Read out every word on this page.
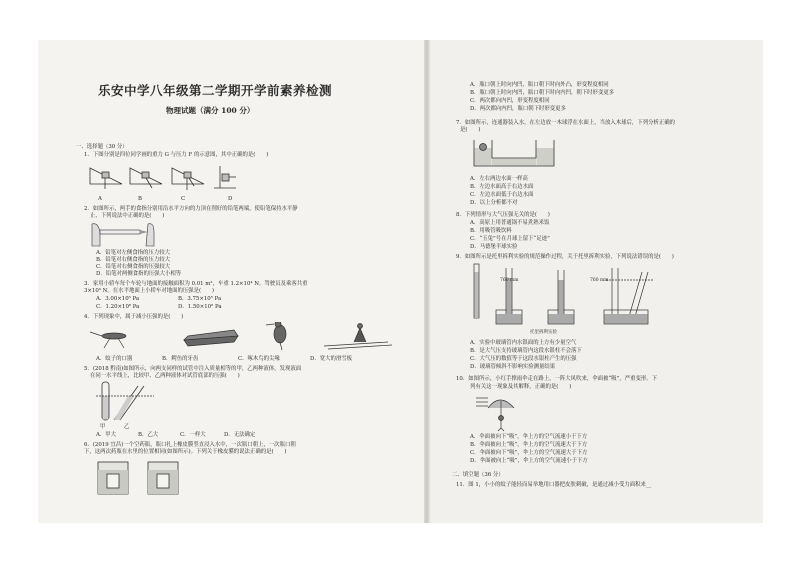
乐安中学八年级第二学期开学前素养检测
物理试题（满分 100 分）
一、选择题（30 分）
1．下图分别是四位同学画的重力 G 与压力 F 的示意图，其中正确的是(　　)
A	B	C	D
2．如图所示，两手的食指分别用沿水平方向的力顶在削好的铅笔两端，使铅笔保持水平静
止，下列说法中正确的是(　　)
A．铅笔对左侧食指的压力较大
B．铅笔对右侧食指的压力较大
C．铅笔对右侧食指的压强较大
D．铅笔对两侧食指的压强大小相等
3．家用小轿车每个车轮与地面的接触面积为 0.01 m²，车重 1.2×10⁴ N。驾驶员及乘客共重
3×10³ N。在水平地面上小轿车对地面的压强是(　　)
A．3.00×10⁵ Pa	B．3.75×10⁵ Pa
C．1.20×10⁶ Pa	D．1.50×10⁶ Pa
4．下列现象中，属于减小压强的是(　　)
A．蚊子的口器	B．鳄鱼的牙齿	C．啄木鸟的尖喙	D．宽大的滑雪板
5．(2018 黔南)如图所示，向两支同样的试管中注入质量相等的甲，乙两种液体，发现液面
在同一水平线上，比较甲、乙两种液体对试管底部的压强(　　)
甲	乙
A．甲大	B．乙大	C．一样大	D．无法确定
6．(2019 宜昌)一个空药瓶，瓶口扎上橡皮膜竖直浸入水中，一次瓶口朝上，一次瓶口朝
下，这两次药瓶在水里的位置相同(如图所示)。下列关于橡皮膜的说法正确的是(　　)
A．瓶口朝上时向内凹，瓶口朝下时向外凸，形变程度相同
B．瓶口朝上时向内凹，瓶口朝下时向内凹，朝下时形变更多
C．两次都向内凹，形变程度相同
D．两次都向内凹，瓶口朝下时形变更多
7．如图所示，连通器装入水，在左边放一木球浮在水面上，当放入木球后，下列分析正确的
是(　　)
A．左右两边水面一样高
B．左边水面高于右边水面
C．左边水面低于右边水面
D．以上分析都不对
8．下列情形与大气压强无关的是(　　)
A．高原上用普通锅不易煮熟米饭
B．用吸管吸饮料
C．“玉兔”号在月球上留下“足迹”
D．马德堡半球实验
9．如图所示是托里拆利实验的规范操作过程，关于托里拆利实验，下列说法错误的是(　　)
760 mm	760 mm
托里拆利实验
A．实验中玻璃管内水银面的上方有少量空气
B．是大气压支持玻璃管内这段水银柱不会落下
C．大气压的数值等于这段水银柱产生的压强
D．玻璃管倾斜不影响实验测量结果
10．如图所示，小红手撑雨伞走在路上，一阵大风吹来，伞面被“吸”，严重变形。下
列有关这一现象及其解释，正确的是(　　)
A．伞面被向下“吸”，伞上方的空气流速小于下方
B．伞面被向上“吸”，伞上方的空气流速大于下方
C．伞面被向下“吸”，伞上方的空气流速大于下方
D．伞面被向上“吸”，伞上方的空气流速小于下方
二、填空题（36 分）
11．图 1，小小的蚊子能轻而易举地用口器把皮肤刺破，是通过减小受力面积来__
